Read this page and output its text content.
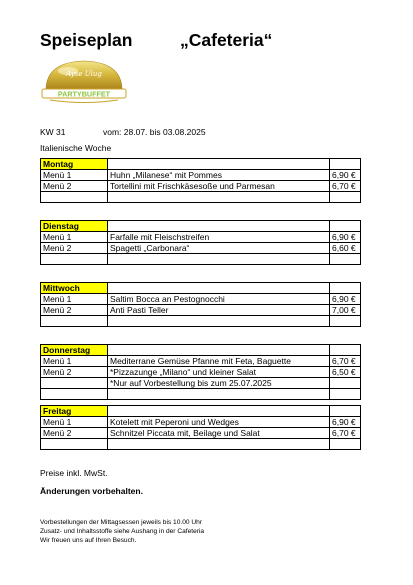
Speiseplan	„Cafeteria“
Ayse Ulug
PARTYBUFFET
KW 31	vom: 28.07. bis 03.08.2025
Italienische Woche
Montag		
Menü 1	Huhn „Milanese“ mit Pommes	6,90 €
Menü 2	Tortellini mit Frischkäsesoße und Parmesan	6,70 €

Dienstag		
Menü 1	Farfalle mit Fleischstreifen	6,90 €
Menü 2	Spagetti „Carbonara“	6,60 €

Mittwoch		
Menü 1	Saltim Bocca an Pestognocchi	6,90 €
Menü 2	Anti Pasti Teller	7,00 €

Donnerstag		
Menü 1	Mediterrane Gemüse Pfanne mit Feta, Baguette	6,70 €
Menü 2	*Pizzazunge „Milano“ und kleiner Salat	6,50 €
	*Nur auf Vorbestellung bis zum 25.07.2025	

Freitag		
Menü 1	Kotelett mit Peperoni und Wedges	6,90 €
Menü 2	Schnitzel Piccata mit, Beilage und Salat	6,70 €

Preise inkl. MwSt.
Änderungen vorbehalten.
Vorbestellungen der Mittagsessen jeweils bis 10.00 Uhr
Zusatz- und Inhaltsstoffe siehe Aushang in der Cafeteria
Wir freuen uns auf Ihren Besuch.
